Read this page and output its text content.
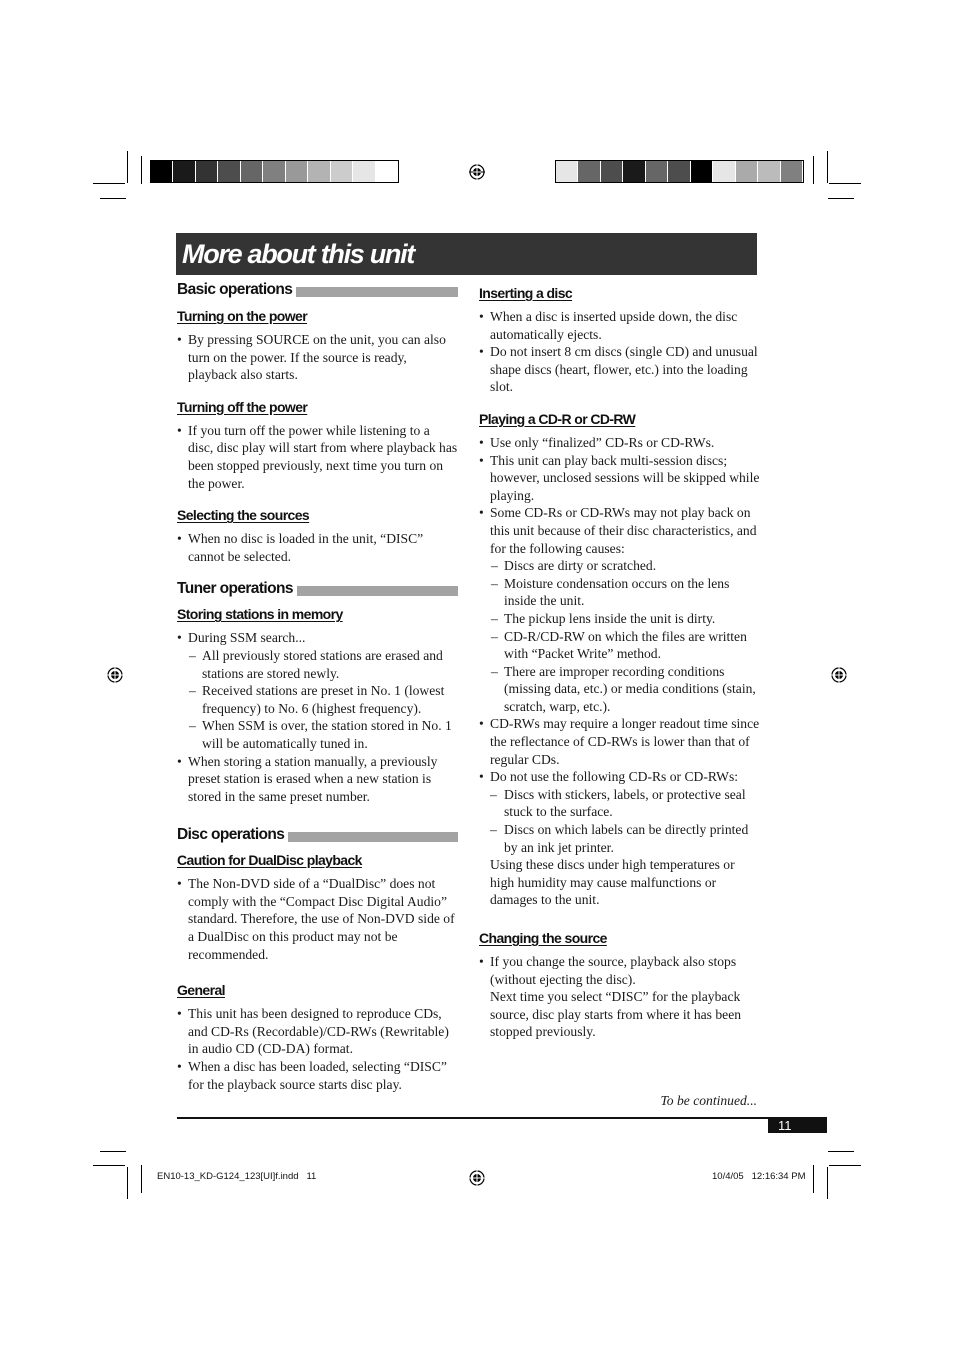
More about this unit
Basic operations
Turning on the power
• By pressing SOURCE on the unit, you can also turn on the power. If the source is ready, playback also starts.
Turning off the power
• If you turn off the power while listening to a disc, disc play will start from where playback has been stopped previously, next time you turn on the power.
Selecting the sources
• When no disc is loaded in the unit, “DISC” cannot be selected.
Tuner operations
Storing stations in memory
• During SSM search...
– All previously stored stations are erased and stations are stored newly.
– Received stations are preset in No. 1 (lowest frequency) to No. 6 (highest frequency).
– When SSM is over, the station stored in No. 1 will be automatically tuned in.
• When storing a station manually, a previously preset station is erased when a new station is stored in the same preset number.
Disc operations
Caution for DualDisc playback
• The Non-DVD side of a “DualDisc” does not comply with the “Compact Disc Digital Audio” standard. Therefore, the use of Non-DVD side of a DualDisc on this product may not be recommended.
General
• This unit has been designed to reproduce CDs, and CD-Rs (Recordable)/CD-RWs (Rewritable) in audio CD (CD-DA) format.
• When a disc has been loaded, selecting “DISC” for the playback source starts disc play.
Inserting a disc
• When a disc is inserted upside down, the disc automatically ejects.
• Do not insert 8 cm discs (single CD) and unusual shape discs (heart, flower, etc.) into the loading slot.
Playing a CD-R or CD-RW
• Use only “finalized” CD-Rs or CD-RWs.
• This unit can play back multi-session discs; however, unclosed sessions will be skipped while playing.
• Some CD-Rs or CD-RWs may not play back on this unit because of their disc characteristics, and for the following causes:
– Discs are dirty or scratched.
– Moisture condensation occurs on the lens inside the unit.
– The pickup lens inside the unit is dirty.
– CD-R/CD-RW on which the files are written with “Packet Write” method.
– There are improper recording conditions (missing data, etc.) or media conditions (stain, scratch, warp, etc.).
• CD-RWs may require a longer readout time since the reflectance of CD-RWs is lower than that of regular CDs.
• Do not use the following CD-Rs or CD-RWs:
– Discs with stickers, labels, or protective seal stuck to the surface.
– Discs on which labels can be directly printed by an ink jet printer.
Using these discs under high temperatures or high humidity may cause malfunctions or damages to the unit.
Changing the source
• If you change the source, playback also stops (without ejecting the disc).
Next time you select “DISC” for the playback source, disc play starts from where it has been stopped previously.
To be continued...
11
EN10-13_KD-G124_123[UI]f.indd   11	10/4/05   12:16:34 PM
